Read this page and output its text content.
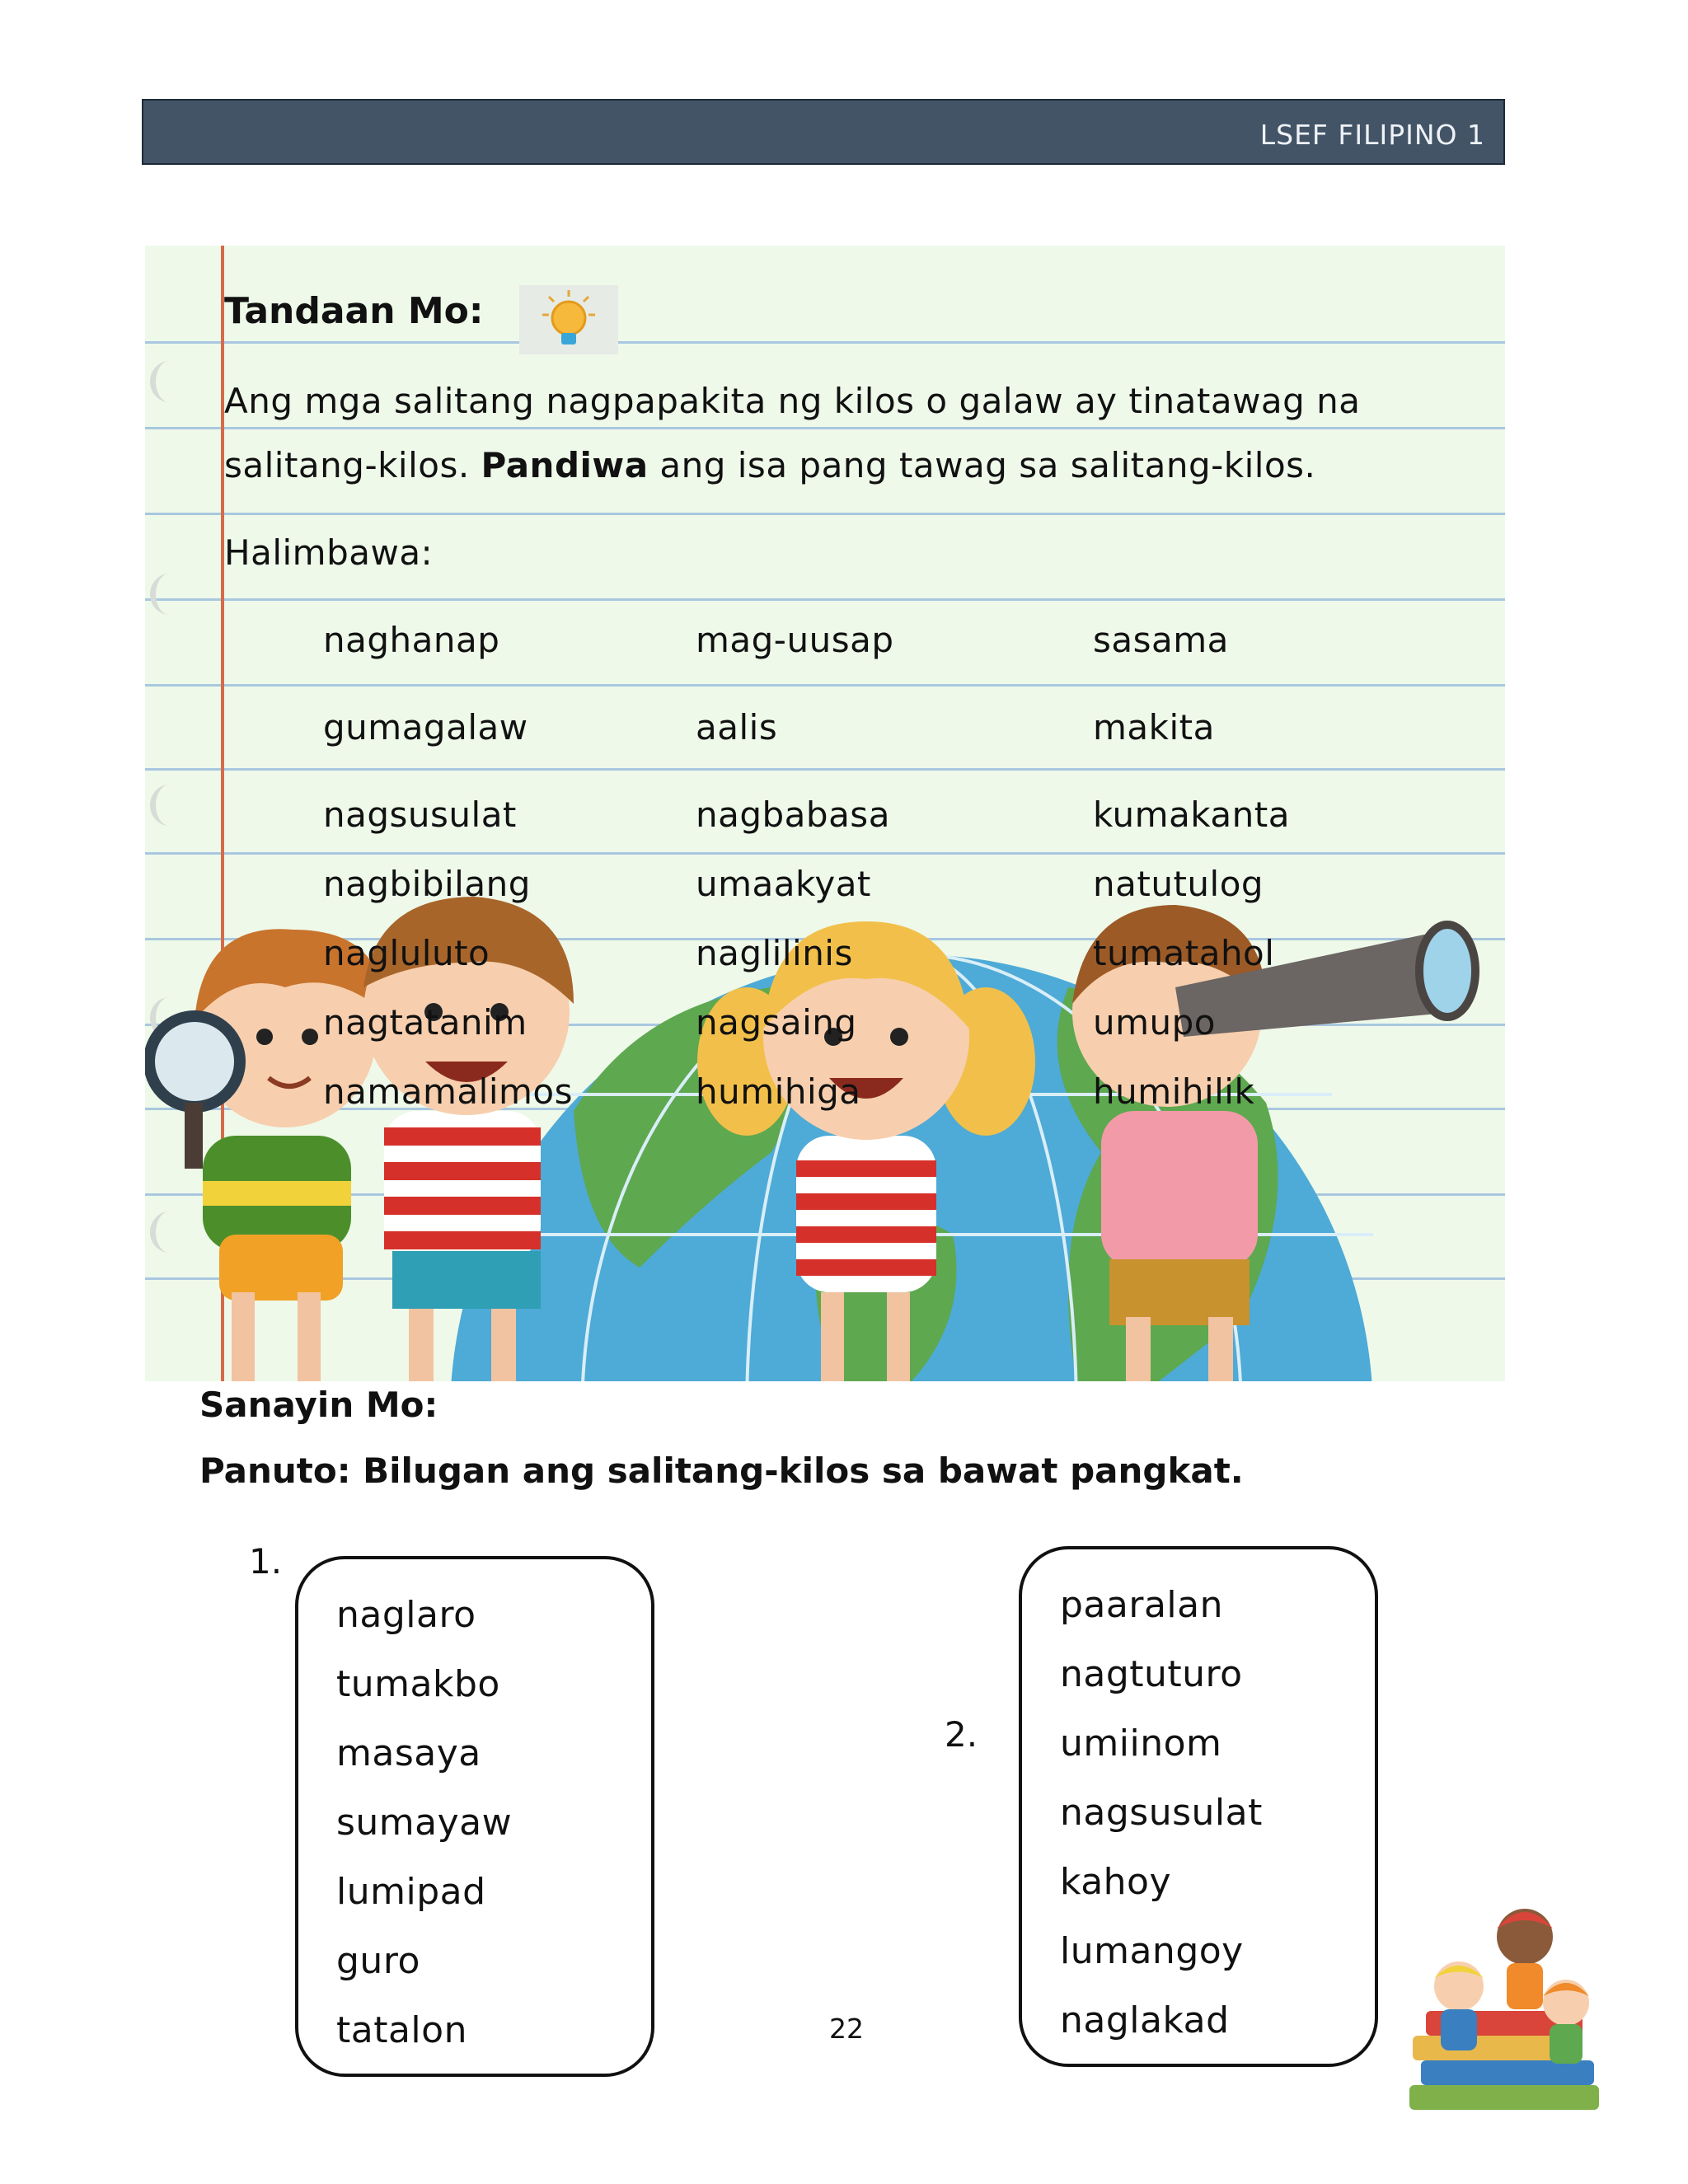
LSEF FILIPINO 1
Tandaan Mo:
Ang mga salitang nagpapakita ng kilos o galaw ay tinatawag na
salitang-kilos. Pandiwa ang isa pang tawag sa salitang-kilos.
Halimbawa:
naghanap	mag-uusap	sasama
gumagalaw	aalis	makita
nagsusulat	nagbabasa	kumakanta
nagbibilang	umaakyat	natutulog
nagluluto	naglilinis	tumatahol
nagtatanim	nagsaing	umupo
namamalimos	humihiga	humihilik
Sanayin Mo:
Panuto: Bilugan ang salitang-kilos sa bawat pangkat.
1.
naglaro
tumakbo
masaya
sumayaw
lumipad
guro
tatalon
2.
paaralan
nagtuturo
umiinom
nagsusulat
kahoy
lumangoy
naglakad
22
